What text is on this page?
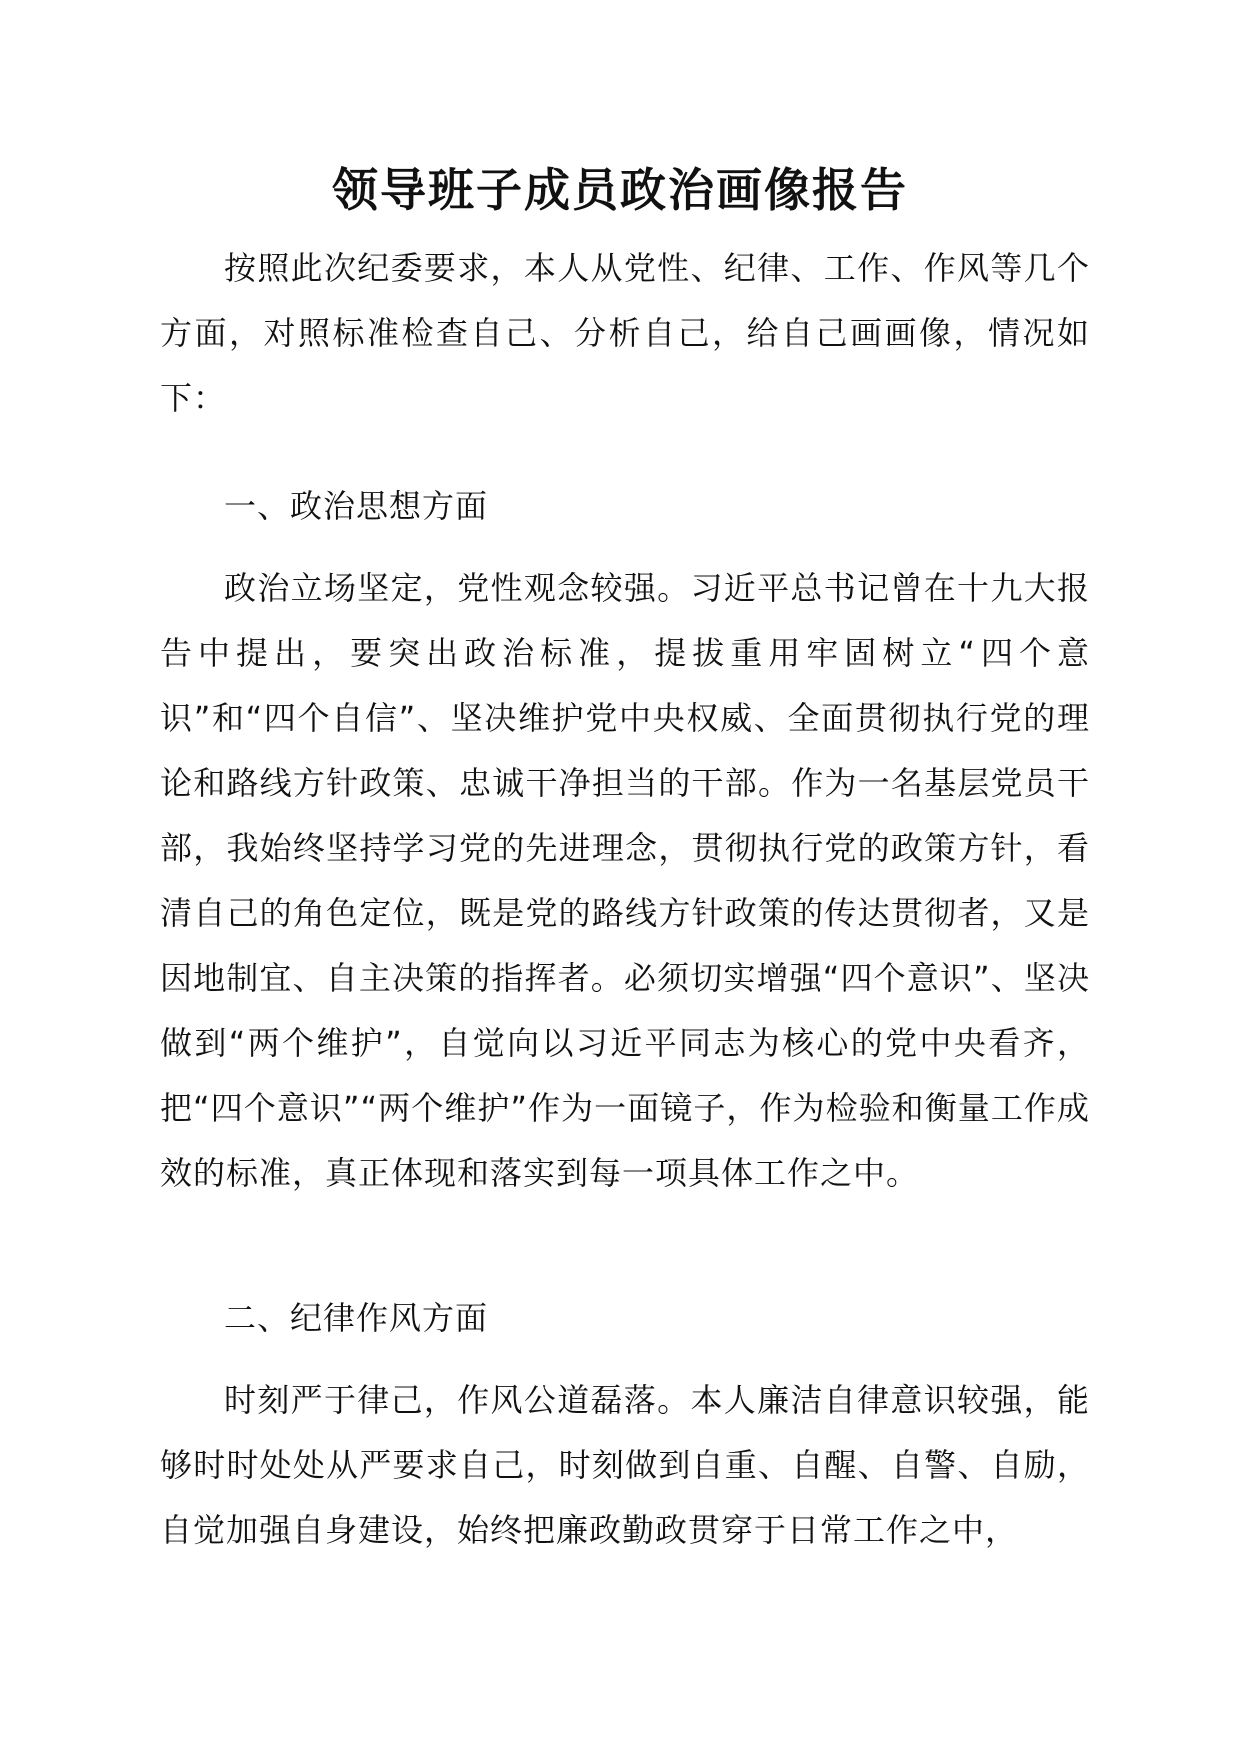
领导班子成员政治画像报告

按照此次纪委要求，本人从党性、纪律、工作、作风等几个方面，对照标准检查自己、分析自己，给自己画画像，情况如下：

一、政治思想方面

政治立场坚定，党性观念较强。习近平总书记曾在十九大报告中提出，要突出政治标准，提拔重用牢固树立“四个意识”和“四个自信”、坚决维护党中央权威、全面贯彻执行党的理论和路线方针政策、忠诚干净担当的干部。作为一名基层党员干部，我始终坚持学习党的先进理念，贯彻执行党的政策方针，看清自己的角色定位，既是党的路线方针政策的传达贯彻者，又是因地制宜、自主决策的指挥者。必须切实增强“四个意识”、坚决做到“两个维护”，自觉向以习近平同志为核心的党中央看齐，把“四个意识”“两个维护”作为一面镜子，作为检验和衡量工作成效的标准，真正体现和落实到每一项具体工作之中。

二、纪律作风方面

时刻严于律己，作风公道磊落。本人廉洁自律意识较强，能够时时处处从严要求自己，时刻做到自重、自醒、自警、自励，自觉加强自身建设，始终把廉政勤政贯穿于日常工作之中，
